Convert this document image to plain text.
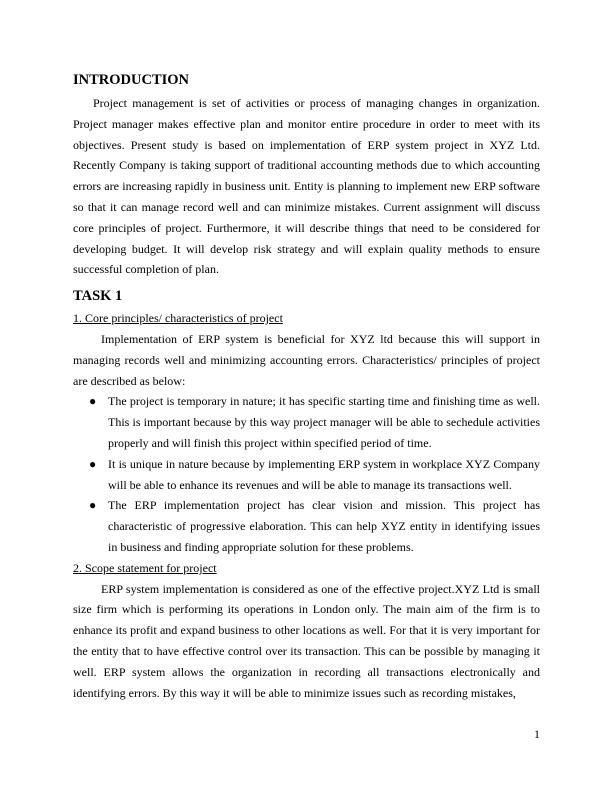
INTRODUCTION

Project management is set of activities or process of managing changes in organization. Project manager makes effective plan and monitor entire procedure in order to meet with its objectives. Present study is based on implementation of ERP system project in XYZ Ltd. Recently Company is taking support of traditional accounting methods due to which accounting errors are increasing rapidly in business unit. Entity is planning to implement new ERP software so that it can manage record well and can minimize mistakes. Current assignment will discuss core principles of project. Furthermore, it will describe things that need to be considered for developing budget. It will develop risk strategy and will explain quality methods to ensure successful completion of plan.

TASK 1
1. Core principles/ characteristics of project

Implementation of ERP system is beneficial for XYZ ltd because this will support in managing records well and minimizing accounting errors. Characteristics/ principles of project are described as below:

● The project is temporary in nature; it has specific starting time and finishing time as well. This is important because by this way project manager will be able to sechedule activities properly and will finish this project within specified period of time.
● It is unique in nature because by implementing ERP system in workplace XYZ Company will be able to enhance its revenues and will be able to manage its transactions well.
● The ERP implementation project has clear vision and mission. This project has characteristic of progressive elaboration. This can help XYZ entity in identifying issues in business and finding appropriate solution for these problems.
2. Scope statement for project

ERP system implementation is considered as one of the effective project.XYZ Ltd is small size firm which is performing its operations in London only. The main aim of the firm is to enhance its profit and expand business to other locations as well. For that it is very important for the entity that to have effective control over its transaction. This can be possible by managing it well. ERP system allows the organization in recording all transactions electronically and identifying errors. By this way it will be able to minimize issues such as recording mistakes,

1
